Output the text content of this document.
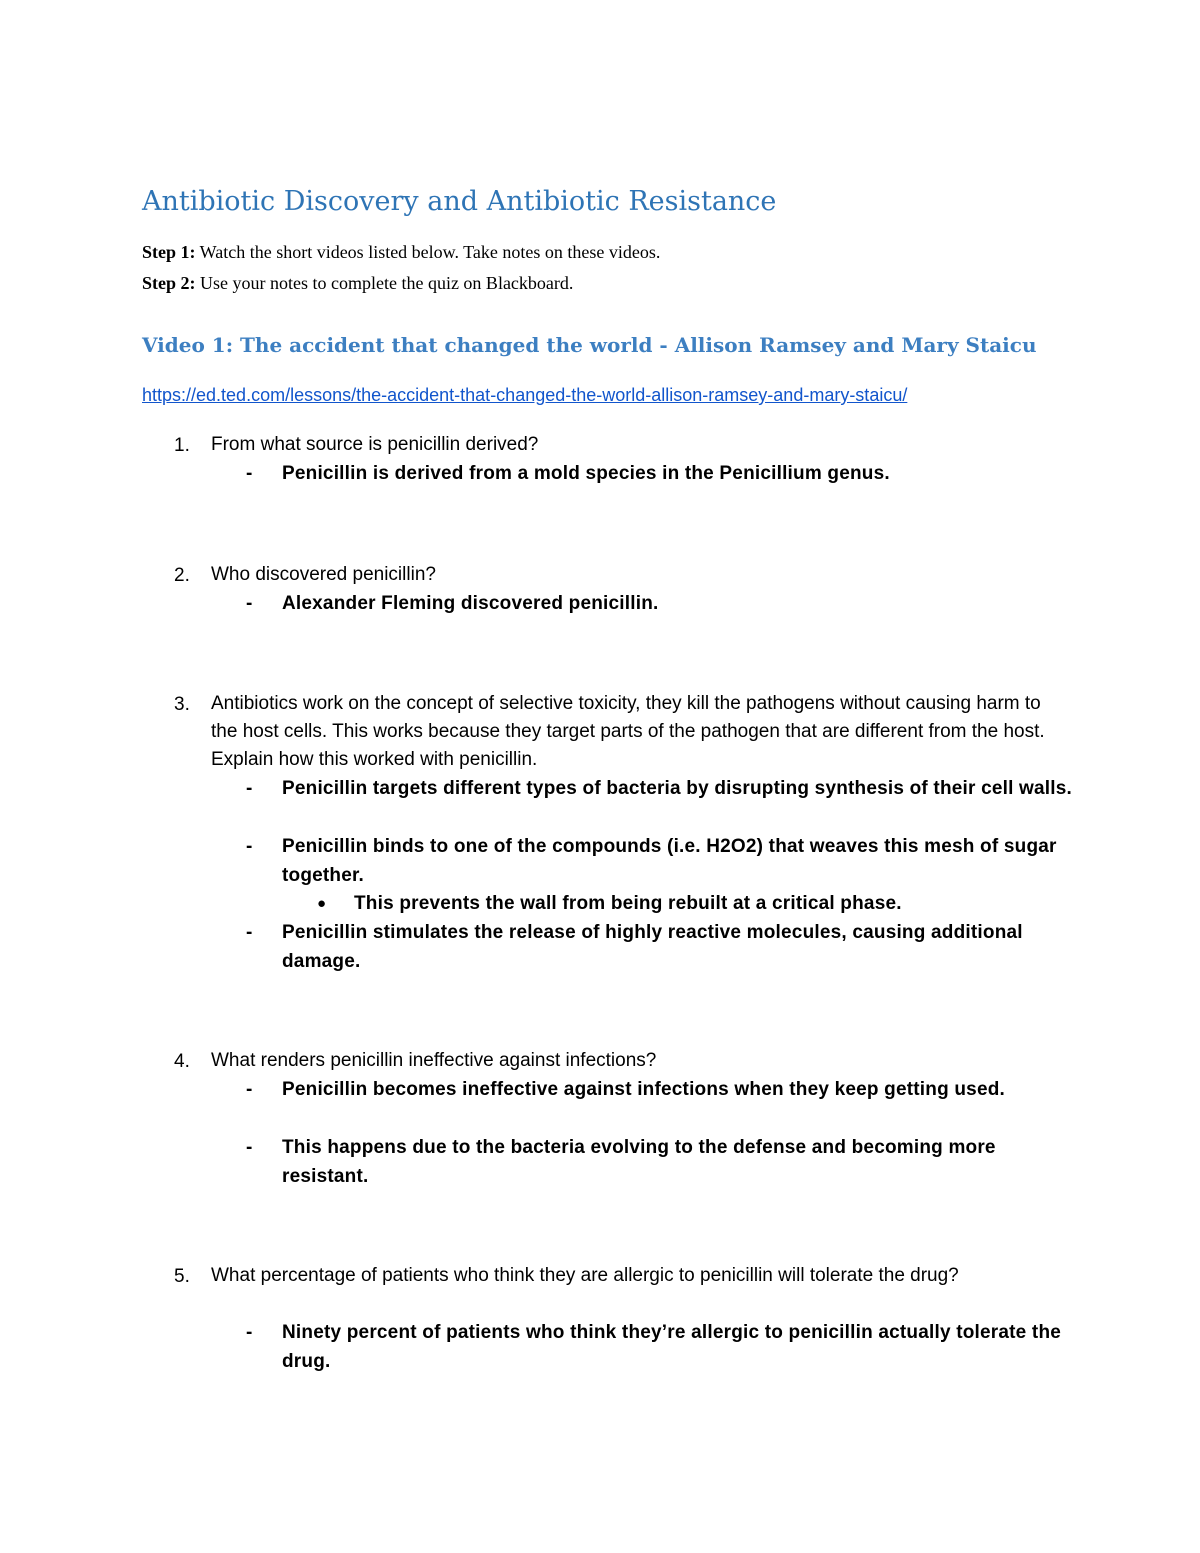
Antibiotic Discovery and Antibiotic Resistance
Step 1: Watch the short videos listed below. Take notes on these videos.
Step 2: Use your notes to complete the quiz on Blackboard.
Video 1: The accident that changed the world - Allison Ramsey and Mary Staicu
https://ed.ted.com/lessons/the-accident-that-changed-the-world-allison-ramsey-and-mary-staicu/
1. From what source is penicillin derived?
- Penicillin is derived from a mold species in the Penicillium genus.
2. Who discovered penicillin?
- Alexander Fleming discovered penicillin.
3. Antibiotics work on the concept of selective toxicity, they kill the pathogens without causing harm to the host cells. This works because they target parts of the pathogen that are different from the host. Explain how this worked with penicillin.
- Penicillin targets different types of bacteria by disrupting synthesis of their cell walls.
- Penicillin binds to one of the compounds (i.e. H2O2) that weaves this mesh of sugar together.
● This prevents the wall from being rebuilt at a critical phase.
- Penicillin stimulates the release of highly reactive molecules, causing additional damage.
4. What renders penicillin ineffective against infections?
- Penicillin becomes ineffective against infections when they keep getting used.
- This happens due to the bacteria evolving to the defense and becoming more resistant.
5. What percentage of patients who think they are allergic to penicillin will tolerate the drug?
- Ninety percent of patients who think they’re allergic to penicillin actually tolerate the drug.
